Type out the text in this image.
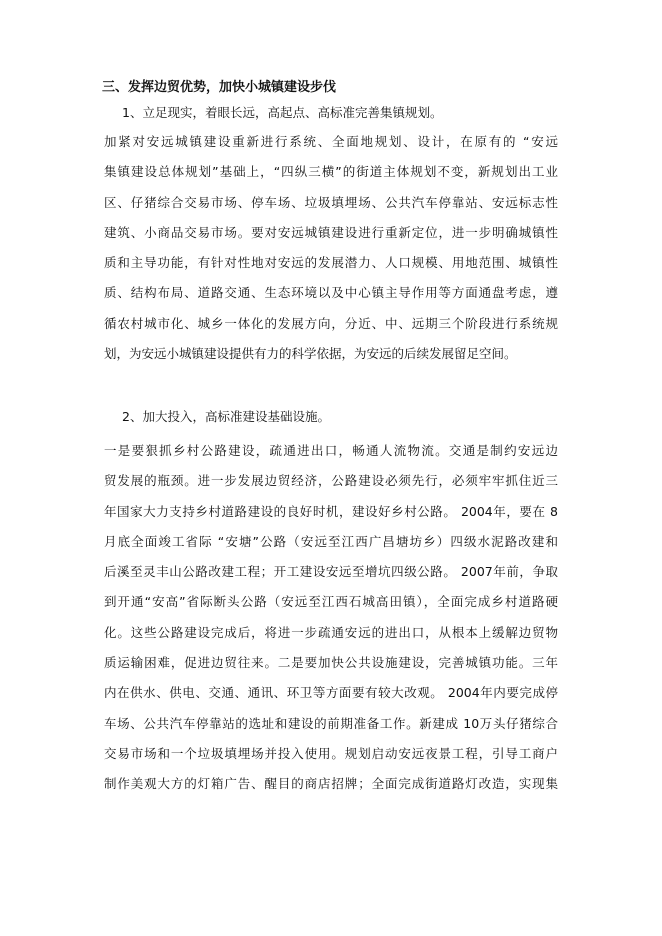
三、发挥边贸优势，加快小城镇建设步伐
1、立足现实，着眼长远，高起点、高标准完善集镇规划。
加紧对安远城镇建设重新进行系统、全面地规划、设计，在原有的 “安远
集镇建设总体规划”基础上，“四纵三横”的街道主体规划不变，新规划出工业
区、仔猪综合交易市场、停车场、垃圾填埋场、公共汽车停靠站、安远标志性
建筑、小商品交易市场。要对安远城镇建设进行重新定位，进一步明确城镇性
质和主导功能，有针对性地对安远的发展潜力、人口规模、用地范围、城镇性
质、结构布局、道路交通、生态环境以及中心镇主导作用等方面通盘考虑，遵
循农村城市化、城乡一体化的发展方向，分近、中、远期三个阶段进行系统规
划，为安远小城镇建设提供有力的科学依据，为安远的后续发展留足空间。
2、加大投入，高标准建设基础设施。
一是要狠抓乡村公路建设，疏通进出口，畅通人流物流。交通是制约安远边
贸发展的瓶颈。进一步发展边贸经济，公路建设必须先行，必须牢牢抓住近三
年国家大力支持乡村道路建设的良好时机，建设好乡村公路。 2004年，要在 8
月底全面竣工省际 “安塘”公路（安远至江西广昌塘坊乡）四级水泥路改建和
后溪至灵丰山公路改建工程；开工建设安远至增坑四级公路。 2007年前，争取
到开通“安高”省际断头公路（安远至江西石城高田镇），全面完成乡村道路硬
化。这些公路建设完成后，将进一步疏通安远的进出口，从根本上缓解边贸物
质运输困难，促进边贸往来。二是要加快公共设施建设，完善城镇功能。三年
内在供水、供电、交通、通讯、环卫等方面要有较大改观。 2004年内要完成停
车场、公共汽车停靠站的选址和建设的前期准备工作。新建成 10万头仔猪综合
交易市场和一个垃圾填埋场并投入使用。规划启动安远夜景工程，引导工商户
制作美观大方的灯箱广告、醒目的商店招牌；全面完成街道路灯改造，实现集
